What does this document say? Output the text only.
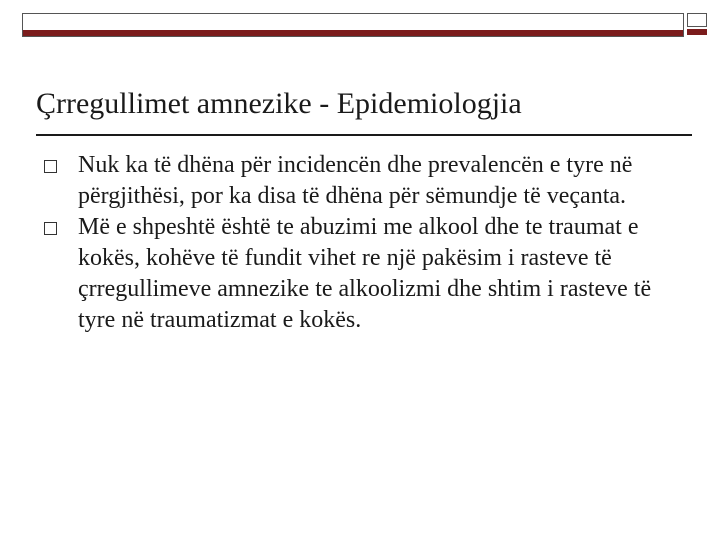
Çrregullimet amnezike - Epidemiologjia
Nuk ka të dhëna për incidencën dhe prevalencën e tyre në përgjithësi, por ka disa të dhëna për sëmundje të veçanta.
Më e shpeshtë është te abuzimi me alkool dhe te traumat e kokës, kohëve të fundit vihet re një pakësim i rasteve të çrregullimeve amnezike te alkoolizmi dhe shtim i rasteve të tyre në traumatizmat e kokës.
